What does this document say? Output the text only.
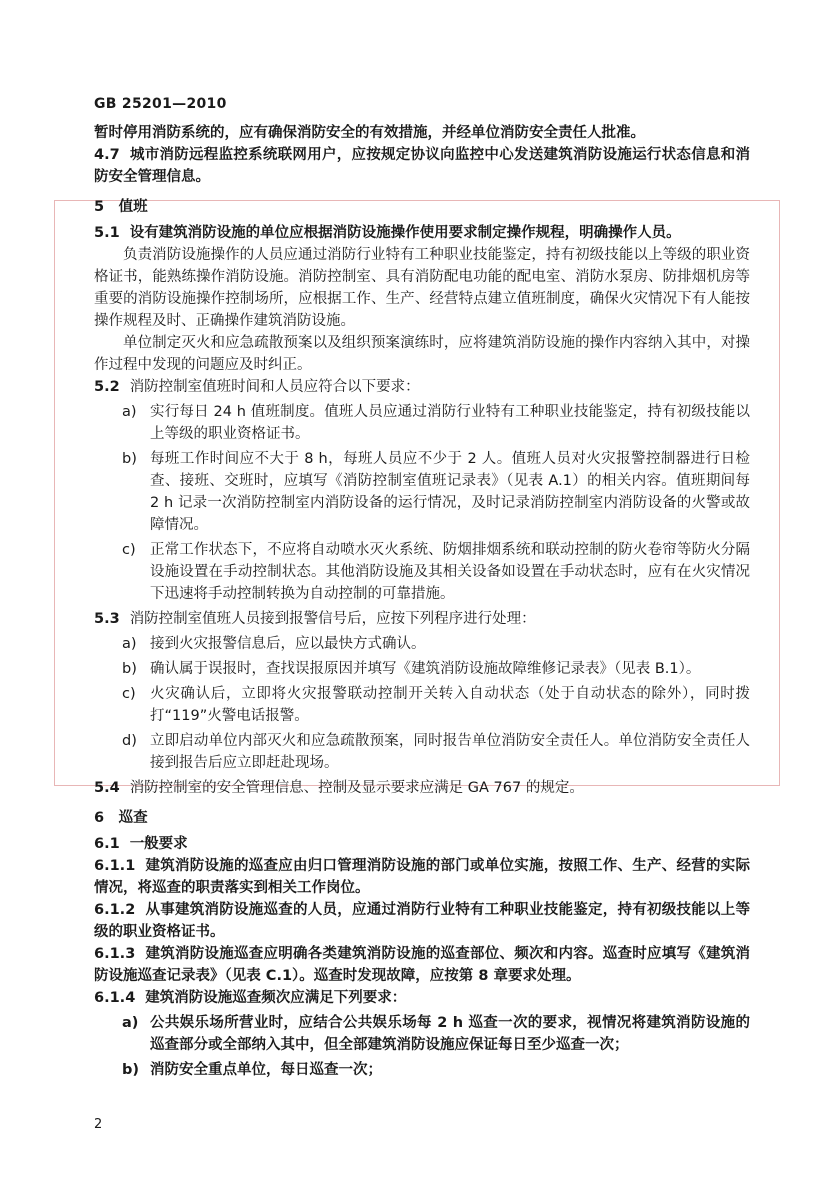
GB 25201—2010
暂时停用消防系统的，应有确保消防安全的有效措施，并经单位消防安全责任人批准。
4.7 城市消防远程监控系统联网用户，应按规定协议向监控中心发送建筑消防设施运行状态信息和消防安全管理信息。
5　值班
5.1 设有建筑消防设施的单位应根据消防设施操作使用要求制定操作规程，明确操作人员。
负责消防设施操作的人员应通过消防行业特有工种职业技能鉴定，持有初级技能以上等级的职业资格证书，能熟练操作消防设施。消防控制室、具有消防配电功能的配电室、消防水泵房、防排烟机房等重要的消防设施操作控制场所，应根据工作、生产、经营特点建立值班制度，确保火灾情况下有人能按操作规程及时、正确操作建筑消防设施。
单位制定灭火和应急疏散预案以及组织预案演练时，应将建筑消防设施的操作内容纳入其中，对操作过程中发现的问题应及时纠正。
5.2 消防控制室值班时间和人员应符合以下要求：
a) 实行每日 24 h 值班制度。值班人员应通过消防行业特有工种职业技能鉴定，持有初级技能以上等级的职业资格证书。
b) 每班工作时间应不大于 8 h，每班人员应不少于 2 人。值班人员对火灾报警控制器进行日检查、接班、交班时，应填写《消防控制室值班记录表》（见表 A.1）的相关内容。值班期间每 2 h 记录一次消防控制室内消防设备的运行情况，及时记录消防控制室内消防设备的火警或故障情况。
c) 正常工作状态下，不应将自动喷水灭火系统、防烟排烟系统和联动控制的防火卷帘等防火分隔设施设置在手动控制状态。其他消防设施及其相关设备如设置在手动状态时，应有在火灾情况下迅速将手动控制转换为自动控制的可靠措施。
5.3 消防控制室值班人员接到报警信号后，应按下列程序进行处理：
a) 接到火灾报警信息后，应以最快方式确认。
b) 确认属于误报时，查找误报原因并填写《建筑消防设施故障维修记录表》（见表 B.1）。
c) 火灾确认后，立即将火灾报警联动控制开关转入自动状态（处于自动状态的除外），同时拨打“119”火警电话报警。
d) 立即启动单位内部灭火和应急疏散预案，同时报告单位消防安全责任人。单位消防安全责任人接到报告后应立即赶赴现场。
5.4 消防控制室的安全管理信息、控制及显示要求应满足 GA 767 的规定。
6　巡查
6.1 一般要求
6.1.1 建筑消防设施的巡查应由归口管理消防设施的部门或单位实施，按照工作、生产、经营的实际情况，将巡查的职责落实到相关工作岗位。
6.1.2 从事建筑消防设施巡查的人员，应通过消防行业特有工种职业技能鉴定，持有初级技能以上等级的职业资格证书。
6.1.3 建筑消防设施巡查应明确各类建筑消防设施的巡查部位、频次和内容。巡查时应填写《建筑消防设施巡查记录表》（见表 C.1）。巡查时发现故障，应按第 8 章要求处理。
6.1.4 建筑消防设施巡查频次应满足下列要求：
a) 公共娱乐场所营业时，应结合公共娱乐场每 2 h 巡查一次的要求，视情况将建筑消防设施的巡查部分或全部纳入其中，但全部建筑消防设施应保证每日至少巡查一次；
b) 消防安全重点单位，每日巡查一次；
2
